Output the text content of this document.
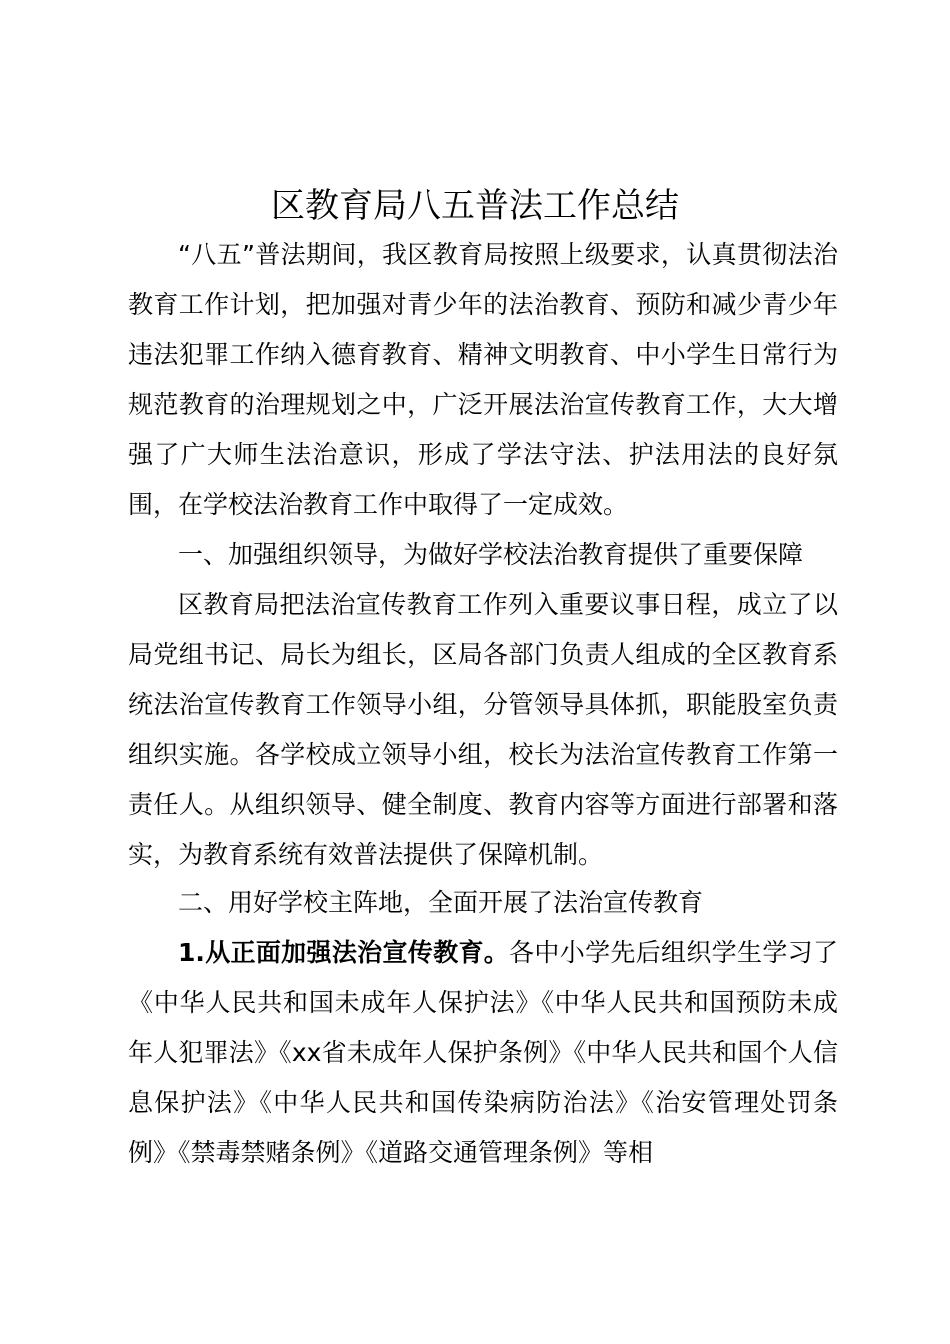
区教育局八五普法工作总结

“八五”普法期间，我区教育局按照上级要求，认真贯彻法治教育工作计划，把加强对青少年的法治教育、预防和减少青少年违法犯罪工作纳入德育教育、精神文明教育、中小学生日常行为规范教育的治理规划之中，广泛开展法治宣传教育工作，大大增强了广大师生法治意识，形成了学法守法、护法用法的良好氛围，在学校法治教育工作中取得了一定成效。

一、加强组织领导，为做好学校法治教育提供了重要保障

区教育局把法治宣传教育工作列入重要议事日程，成立了以局党组书记、局长为组长，区局各部门负责人组成的全区教育系统法治宣传教育工作领导小组，分管领导具体抓，职能股室负责组织实施。各学校成立领导小组，校长为法治宣传教育工作第一责任人。从组织领导、健全制度、教育内容等方面进行部署和落实，为教育系统有效普法提供了保障机制。

二、用好学校主阵地，全面开展了法治宣传教育

1.从正面加强法治宣传教育。各中小学先后组织学生学习了《中华人民共和国未成年人保护法》《中华人民共和国预防未成年人犯罪法》《xx省未成年人保护条例》《中华人民共和国个人信息保护法》《中华人民共和国传染病防治法》《治安管理处罚条例》《禁毒禁赌条例》《道路交通管理条例》等相
